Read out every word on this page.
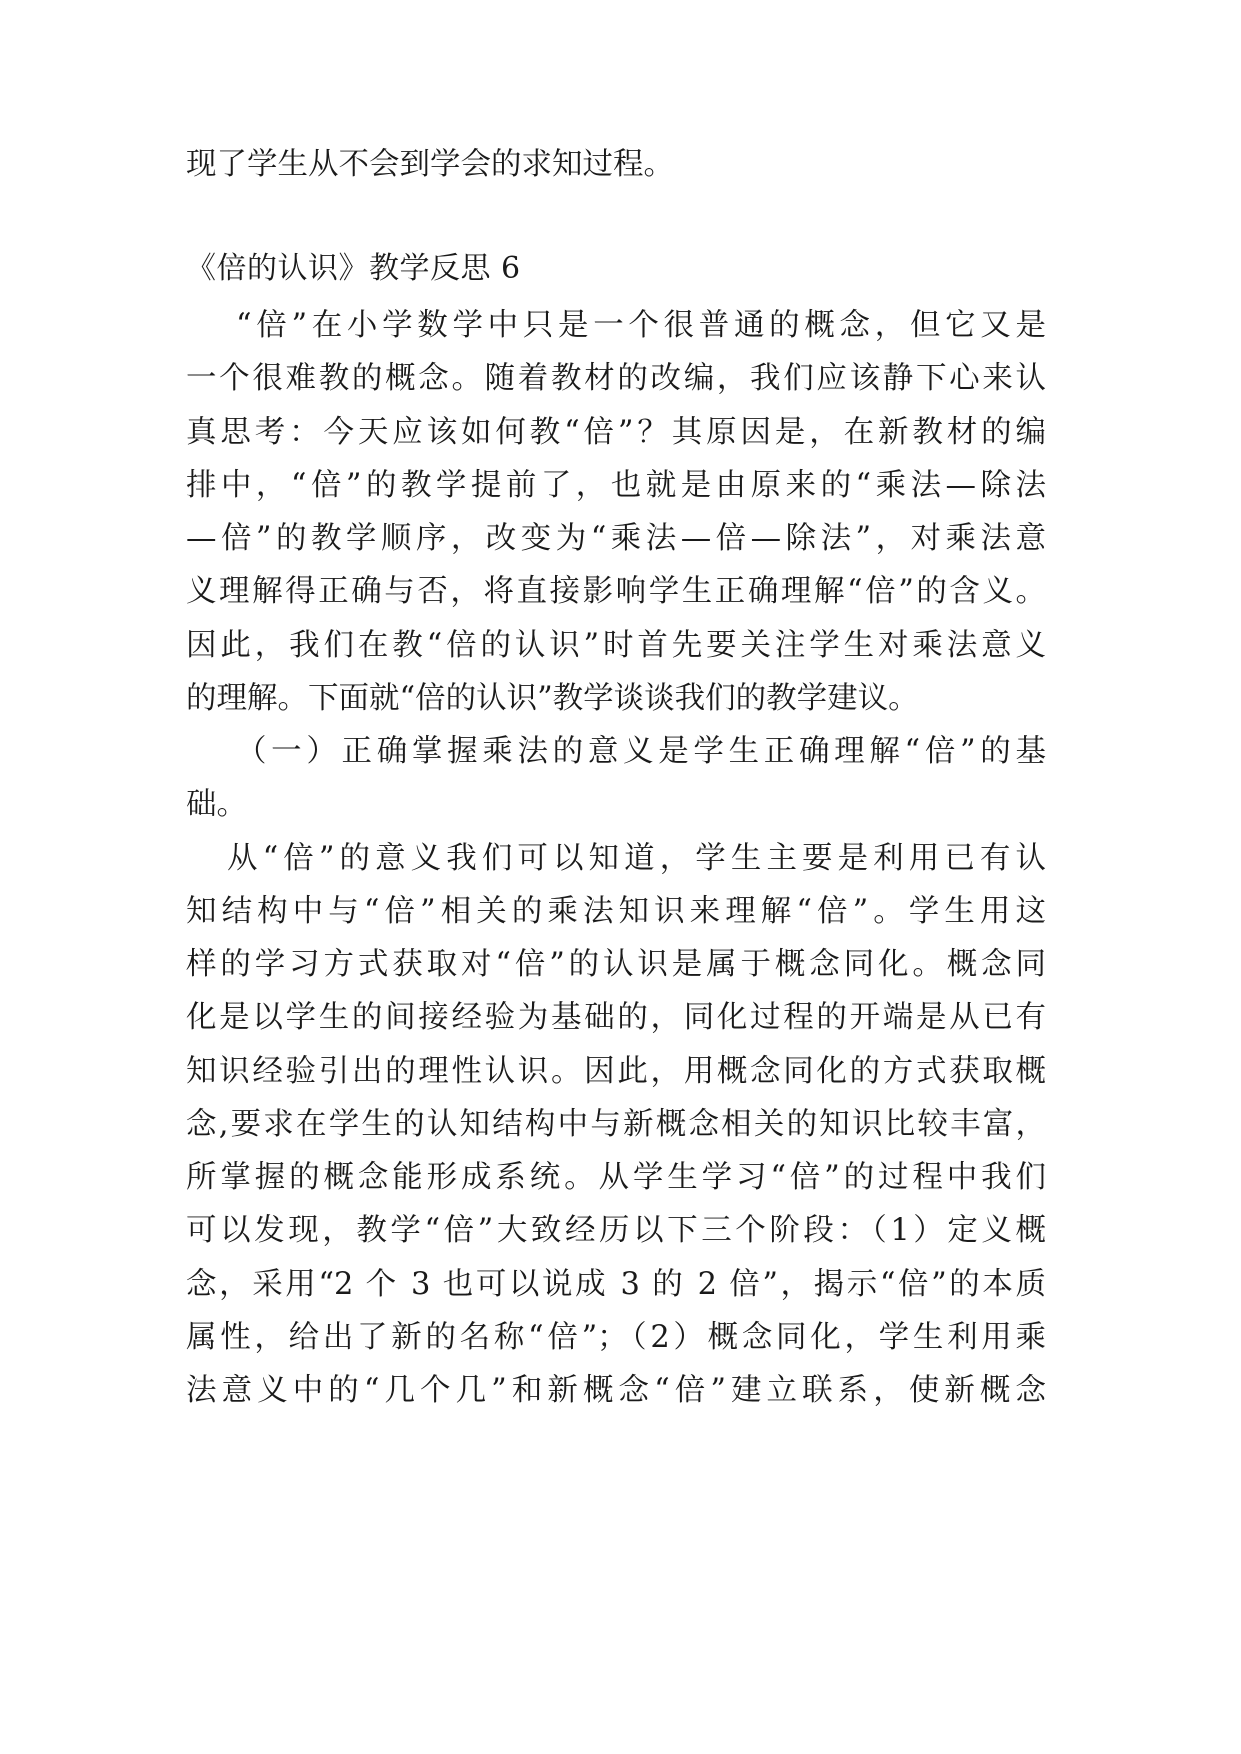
现了学生从不会到学会的求知过程。
《倍的认识》教学反思 6
“倍”在小学数学中只是一个很普通的概念，但它又是
一个很难教的概念。随着教材的改编，我们应该静下心来认
真思考：今天应该如何教“倍”？其原因是，在新教材的编
排中，“倍”的教学提前了，也就是由原来的“乘法—除法
—倍”的教学顺序，改变为“乘法—倍—除法”，对乘法意
义理解得正确与否，将直接影响学生正确理解“倍”的含义。
因此，我们在教“倍的认识”时首先要关注学生对乘法意义
的理解。下面就“倍的认识”教学谈谈我们的教学建议。
（一）正确掌握乘法的意义是学生正确理解“倍”的基
础。
从“倍”的意义我们可以知道，学生主要是利用已有认
知结构中与“倍”相关的乘法知识来理解“倍”。学生用这
样的学习方式获取对“倍”的认识是属于概念同化。概念同
化是以学生的间接经验为基础的，同化过程的开端是从已有
知识经验引出的理性认识。因此，用概念同化的方式获取概
念,要求在学生的认知结构中与新概念相关的知识比较丰富，
所掌握的概念能形成系统。从学生学习“倍”的过程中我们
可以发现，教学“倍”大致经历以下三个阶段：（1）定义概
念，采用“2 个 3 也可以说成 3 的 2 倍”，揭示“倍”的本质
属性，给出了新的名称“倍”；（2）概念同化，学生利用乘
法意义中的“几个几”和新概念“倍”建立联系，使新概念
